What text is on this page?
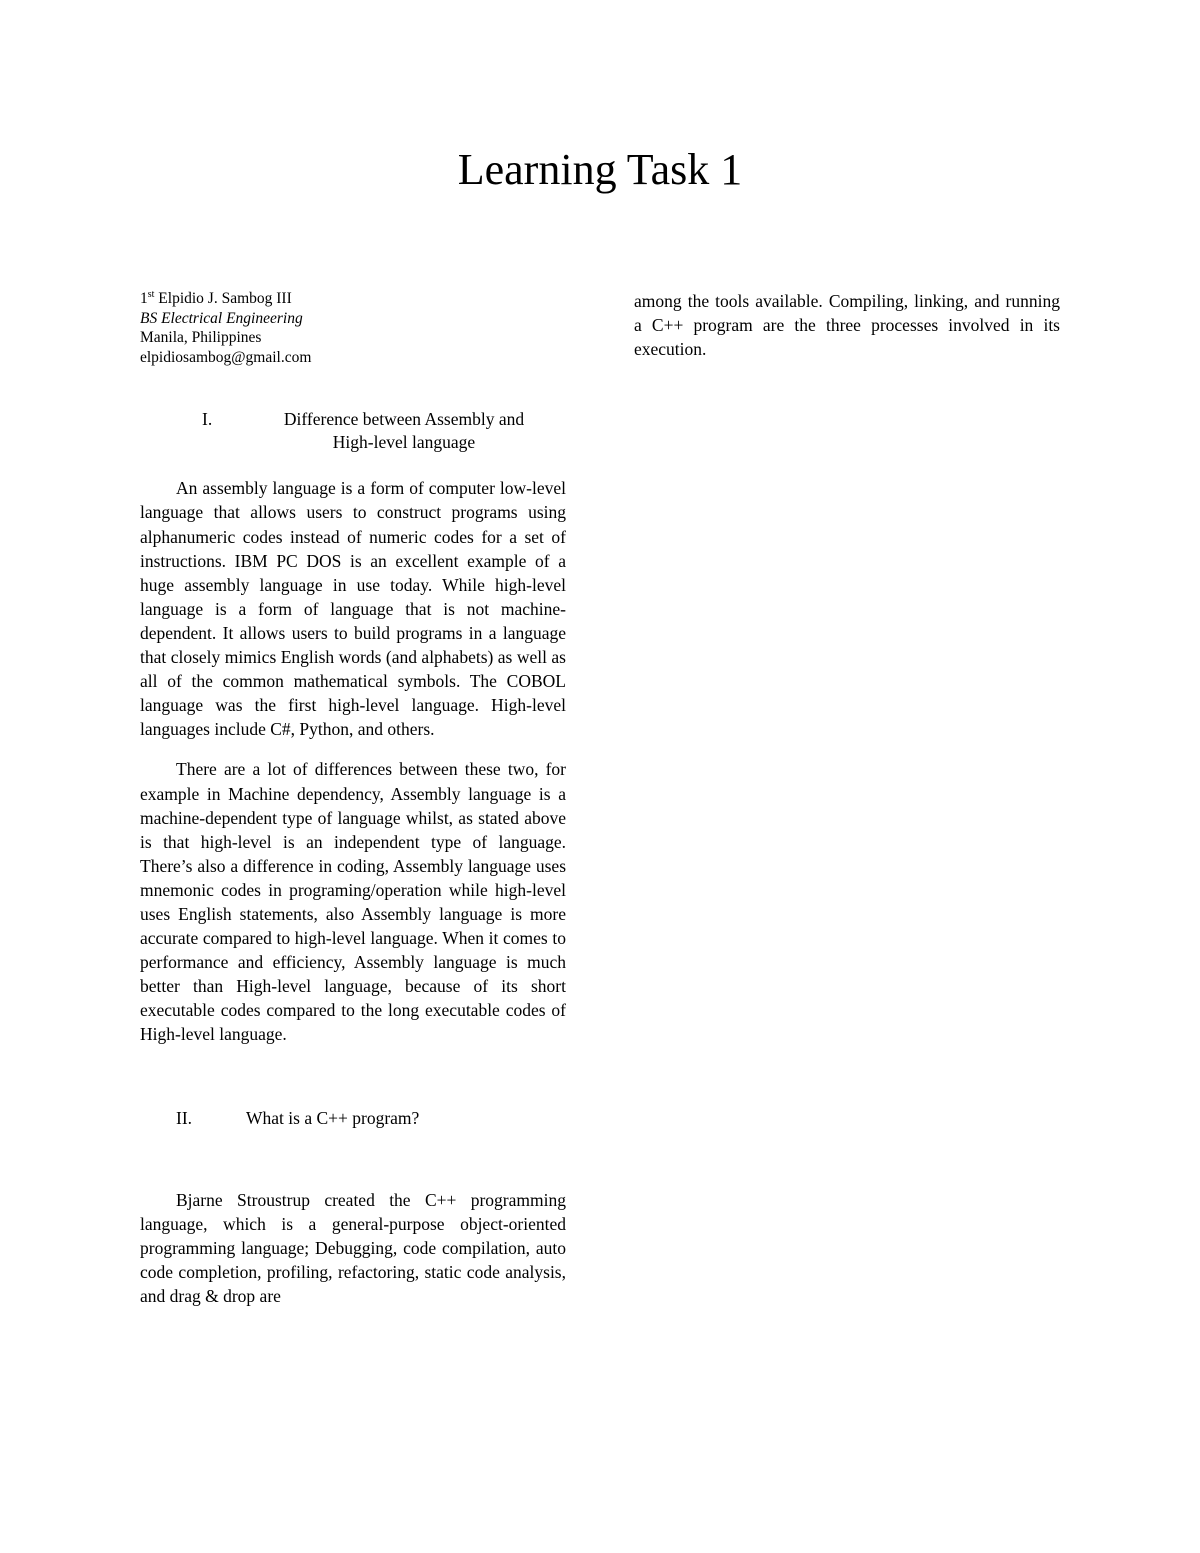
Learning Task 1
1st Elpidio J. Sambog III
BS Electrical Engineering
Manila, Philippines
elpidiosambog@gmail.com
I.	Difference between Assembly and High-level language

An assembly language is a form of computer low-level language that allows users to construct programs using alphanumeric codes instead of numeric codes for a set of instructions. IBM PC DOS is an excellent example of a huge assembly language in use today. While high-level language is a form of language that is not machine-dependent. It allows users to build programs in a language that closely mimics English words (and alphabets) as well as all of the common mathematical symbols. The COBOL language was the first high-level language. High-level languages include C#, Python, and others.

There are a lot of differences between these two, for example in Machine dependency, Assembly language is a machine-dependent type of language whilst, as stated above is that high-level is an independent type of language. There’s also a difference in coding, Assembly language uses mnemonic codes in programing/operation while high-level uses English statements, also Assembly language is more accurate compared to high-level language. When it comes to performance and efficiency, Assembly language is much better than High-level language, because of its short executable codes compared to the long executable codes of High-level language.

II.	What is a C++ program?

Bjarne Stroustrup created the C++ programming language, which is a general-purpose object-oriented programming language; Debugging, code compilation, auto code completion, profiling, refactoring, static code analysis, and drag & drop are

among the tools available. Compiling, linking, and running a C++ program are the three processes involved in its execution.
